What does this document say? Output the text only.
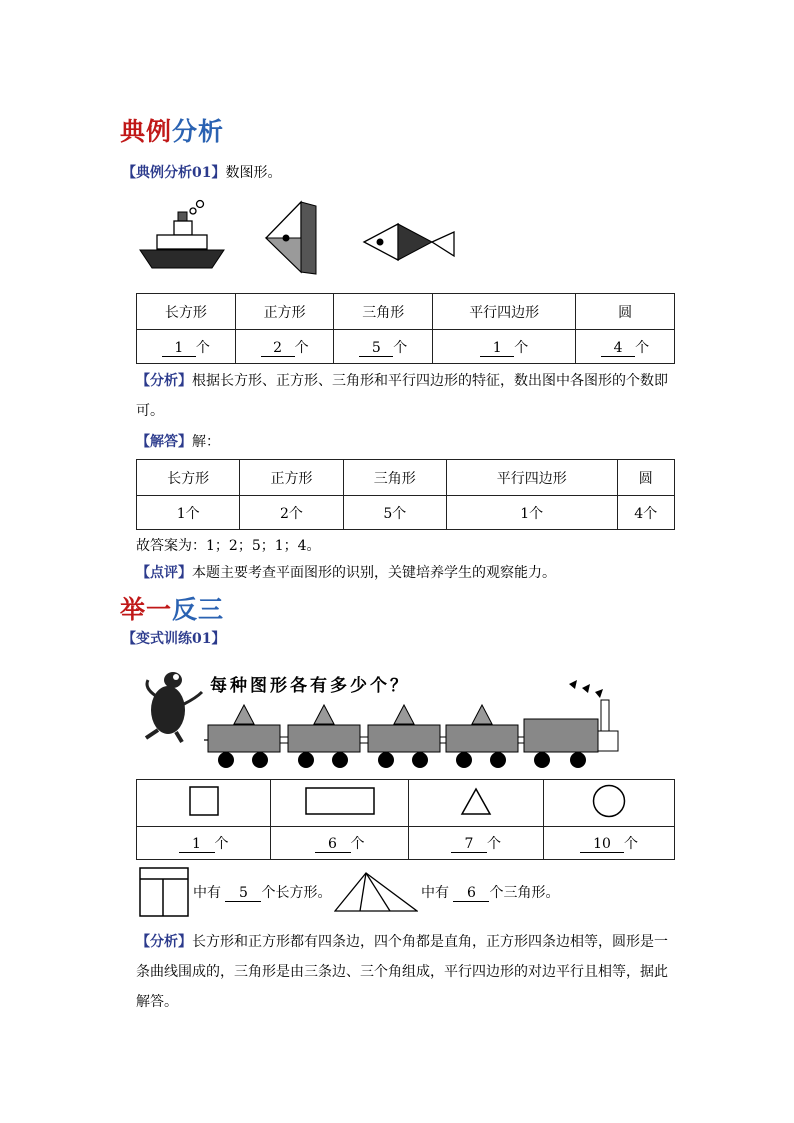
典例分析
【典例分析01】数图形。
长方形	正方形	三角形	平行四边形	圆
1 个	2 个	5 个	1 个	4 个
【分析】根据长方形、正方形、三角形和平行四边形的特征，数出图中各图形的个数即
可。
【解答】解：
长方形	正方形	三角形	平行四边形	圆
1个	2个	5个	1个	4个
故答案为：1；2；5；1；4。
【点评】本题主要考查平面图形的识别，关键培养学生的观察能力。
举一反三
【变式训练01】
每种图形各有多少个？

1 个	6 个	7 个	10 个
中有 5 个长方形。	中有 6 个三角形。
【分析】长方形和正方形都有四条边，四个角都是直角，正方形四条边相等，圆形是一
条曲线围成的，三角形是由三条边、三个角组成，平行四边形的对边平行且相等，据此
解答。
